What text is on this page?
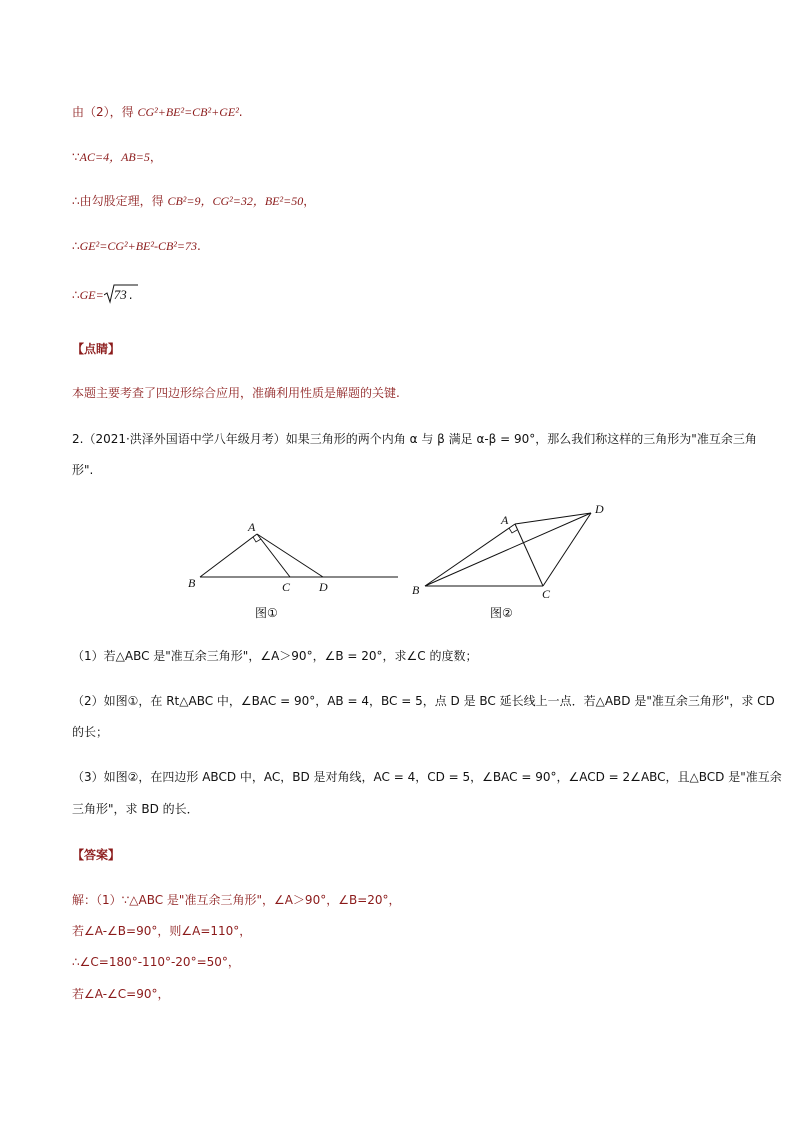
由（2），得 CG²+BE²=CB²+GE².
∵AC=4，AB=5，
∴由勾股定理，得 CB²=9，CG²=32，BE²=50，
∴GE²=CG²+BE²-CB²=73.
∴GE= 73 .
【点睛】
本题主要考查了四边形综合应用，准确利用性质是解题的关键.
2.（2021·洪泽外国语中学八年级月考）如果三角形的两个内角 α 与 β 满足 α-β = 90°，那么我们称这样的三角形为"准互余三角
形".
A
B	C D
图①
A
B	C
D
图②
（1）若△ABC 是"准互余三角形"，∠A＞90°，∠B = 20°，求∠C 的度数；
（2）如图①，在 Rt△ABC 中，∠BAC = 90°，AB = 4，BC = 5，点 D 是 BC 延长线上一点．若△ABD 是"准互余三角形"，求 CD
的长；
（3）如图②，在四边形 ABCD 中，AC，BD 是对角线，AC = 4，CD = 5，∠BAC = 90°，∠ACD = 2∠ABC，且△BCD 是"准互余
三角形"，求 BD 的长．
【答案】
解：（1）∵△ABC 是"准互余三角形"，∠A＞90°，∠B=20°，
若∠A-∠B=90°，则∠A=110°，
∴∠C=180°-110°-20°=50°，
若∠A-∠C=90°，
